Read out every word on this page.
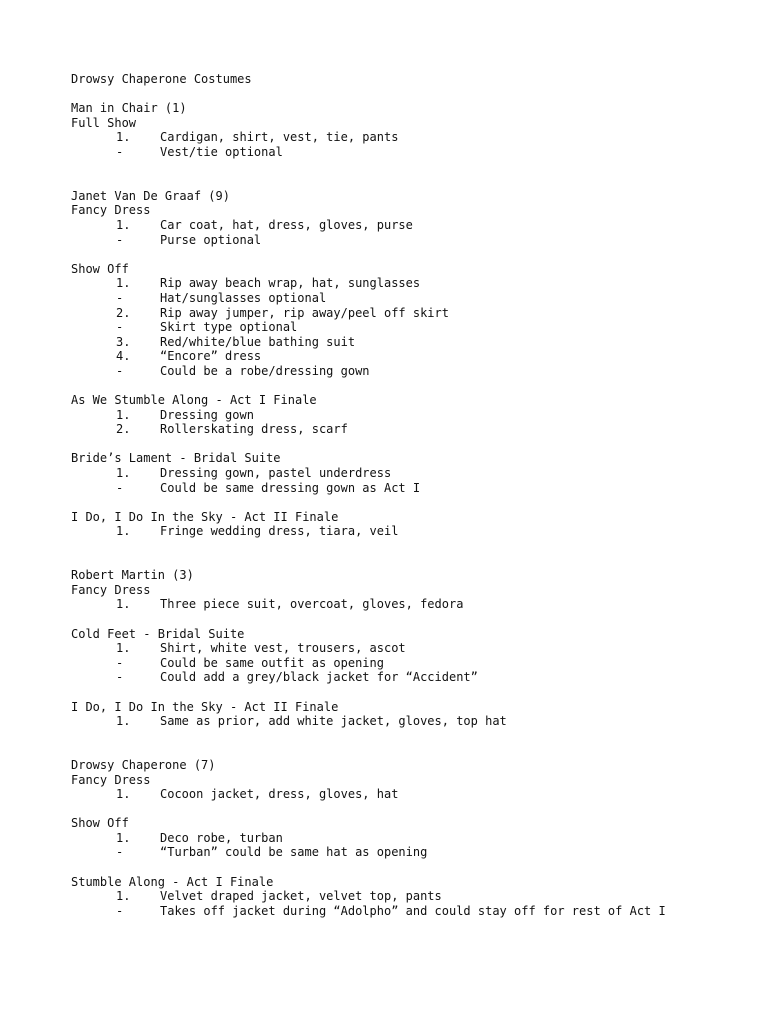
Drowsy Chaperone Costumes
Man in Chair (1)
Full Show
1. Cardigan, shirt, vest, tie, pants
-	Vest/tie optional
Janet Van De Graaf (9)
Fancy Dress
1. Car coat, hat, dress, gloves, purse
-	Purse optional
Show Off
1. Rip away beach wrap, hat, sunglasses
-	Hat/sunglasses optional
2. Rip away jumper, rip away/peel off skirt
-	Skirt type optional
3. Red/white/blue bathing suit
4. “Encore” dress
-	Could be a robe/dressing gown
As We Stumble Along - Act I Finale
1. Dressing gown
2. Rollerskating dress, scarf
Bride’s Lament - Bridal Suite
1. Dressing gown, pastel underdress
-	Could be same dressing gown as Act I
I Do, I Do In the Sky - Act II Finale
1. Fringe wedding dress, tiara, veil
Robert Martin (3)
Fancy Dress
1. Three piece suit, overcoat, gloves, fedora
Cold Feet - Bridal Suite
1. Shirt, white vest, trousers, ascot
-	Could be same outfit as opening
-	Could add a grey/black jacket for “Accident”
I Do, I Do In the Sky - Act II Finale
1. Same as prior, add white jacket, gloves, top hat
Drowsy Chaperone (7)
Fancy Dress
1. Cocoon jacket, dress, gloves, hat
Show Off
1. Deco robe, turban
-	“Turban” could be same hat as opening
Stumble Along - Act I Finale
1. Velvet draped jacket, velvet top, pants
-	Takes off jacket during “Adolpho” and could stay off for rest of Act I
